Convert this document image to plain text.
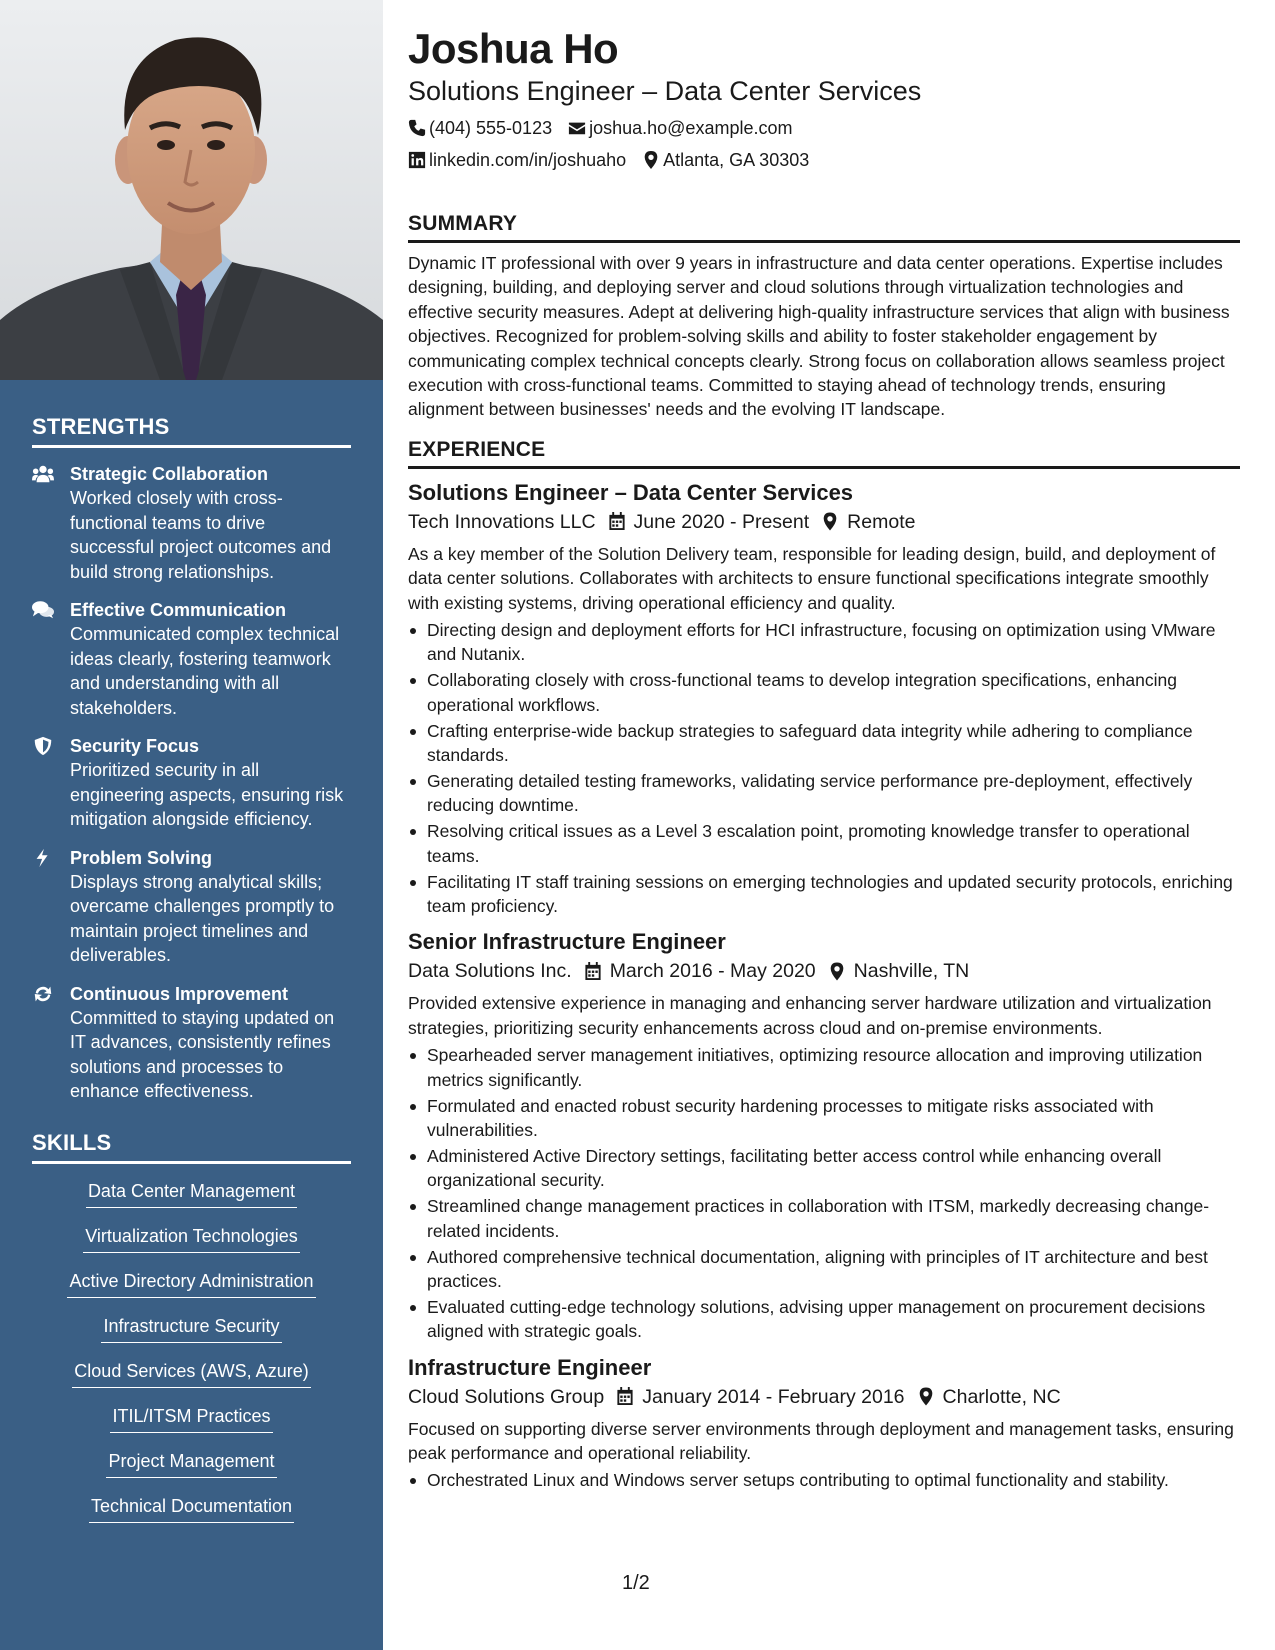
STRENGTHS
Strategic Collaboration
Worked closely with cross-functional teams to drive successful project outcomes and build strong relationships.
Effective Communication
Communicated complex technical ideas clearly, fostering teamwork and understanding with all stakeholders.
Security Focus
Prioritized security in all engineering aspects, ensuring risk mitigation alongside efficiency.
Problem Solving
Displays strong analytical skills; overcame challenges promptly to maintain project timelines and deliverables.
Continuous Improvement
Committed to staying updated on IT advances, consistently refines solutions and processes to enhance effectiveness.
SKILLS
Data Center Management
Virtualization Technologies
Active Directory Administration
Infrastructure Security
Cloud Services (AWS, Azure)
ITIL/ITSM Practices
Project Management
Technical Documentation
Joshua Ho
Solutions Engineer – Data Center Services
(404) 555-0123 joshua.ho@example.com
linkedin.com/in/joshuaho Atlanta, GA 30303
SUMMARY
Dynamic IT professional with over 9 years in infrastructure and data center operations. Expertise includes designing, building, and deploying server and cloud solutions through virtualization technologies and effective security measures. Adept at delivering high-quality infrastructure services that align with business objectives. Recognized for problem-solving skills and ability to foster stakeholder engagement by communicating complex technical concepts clearly. Strong focus on collaboration allows seamless project execution with cross-functional teams. Committed to staying ahead of technology trends, ensuring alignment between businesses' needs and the evolving IT landscape.
EXPERIENCE
Solutions Engineer – Data Center Services
Tech Innovations LLC June 2020 - Present Remote
As a key member of the Solution Delivery team, responsible for leading design, build, and deployment of data center solutions. Collaborates with architects to ensure functional specifications integrate smoothly with existing systems, driving operational efficiency and quality.
Directing design and deployment efforts for HCI infrastructure, focusing on optimization using VMware and Nutanix.
Collaborating closely with cross-functional teams to develop integration specifications, enhancing operational workflows.
Crafting enterprise-wide backup strategies to safeguard data integrity while adhering to compliance standards.
Generating detailed testing frameworks, validating service performance pre-deployment, effectively reducing downtime.
Resolving critical issues as a Level 3 escalation point, promoting knowledge transfer to operational teams.
Facilitating IT staff training sessions on emerging technologies and updated security protocols, enriching team proficiency.
Senior Infrastructure Engineer
Data Solutions Inc. March 2016 - May 2020 Nashville, TN
Provided extensive experience in managing and enhancing server hardware utilization and virtualization strategies, prioritizing security enhancements across cloud and on-premise environments.
Spearheaded server management initiatives, optimizing resource allocation and improving utilization metrics significantly.
Formulated and enacted robust security hardening processes to mitigate risks associated with vulnerabilities.
Administered Active Directory settings, facilitating better access control while enhancing overall organizational security.
Streamlined change management practices in collaboration with ITSM, markedly decreasing change-related incidents.
Authored comprehensive technical documentation, aligning with principles of IT architecture and best practices.
Evaluated cutting-edge technology solutions, advising upper management on procurement decisions aligned with strategic goals.
Infrastructure Engineer
Cloud Solutions Group January 2014 - February 2016 Charlotte, NC
Focused on supporting diverse server environments through deployment and management tasks, ensuring peak performance and operational reliability.
Orchestrated Linux and Windows server setups contributing to optimal functionality and stability.
1/2
